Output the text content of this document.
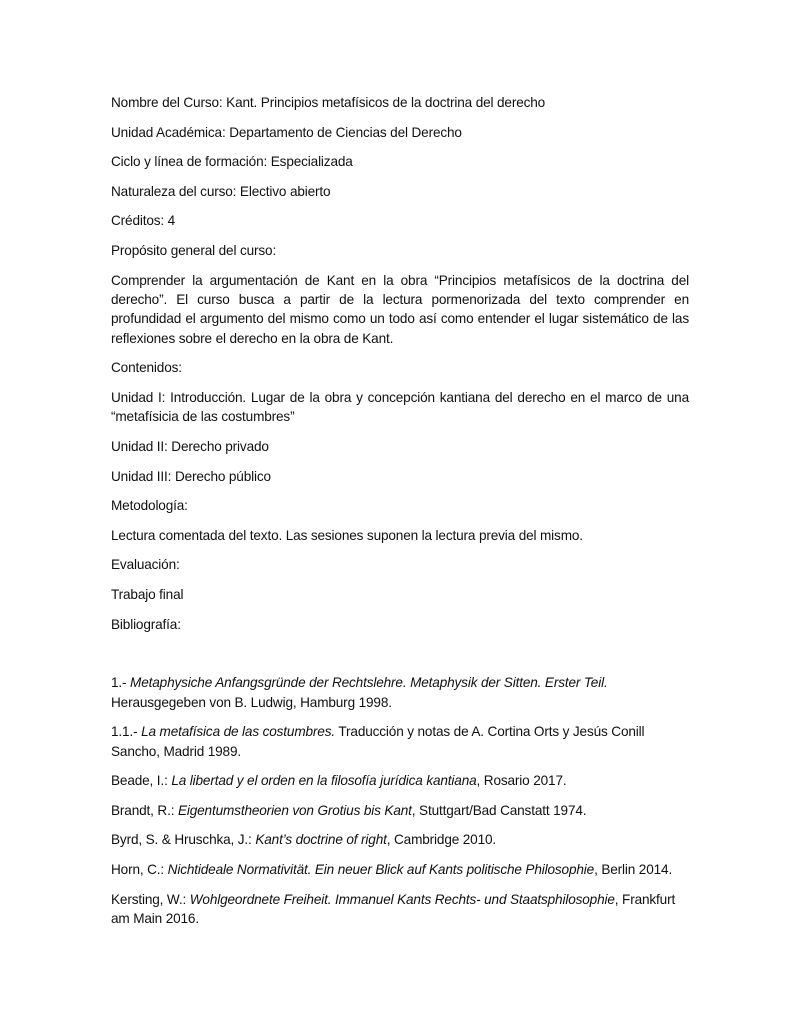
Nombre del Curso: Kant. Principios metafísicos de la doctrina del derecho

Unidad Académica: Departamento de Ciencias del Derecho

Ciclo y línea de formación: Especializada

Naturaleza del curso: Electivo abierto

Créditos: 4

Propósito general del curso:

Comprender la argumentación de Kant en la obra “Principios metafísicos de la doctrina del derecho”. El curso busca a partir de la lectura pormenorizada del texto comprender en profundidad el argumento del mismo como un todo así como entender el lugar sistemático de las reflexiones sobre el derecho en la obra de Kant.

Contenidos:

Unidad I: Introducción. Lugar de la obra y concepción kantiana del derecho en el marco de una “metafísicia de las costumbres”

Unidad II: Derecho privado

Unidad III: Derecho público

Metodología:

Lectura comentada del texto. Las sesiones suponen la lectura previa del mismo.

Evaluación:

Trabajo final

Bibliografía:

1.- Metaphysiche Anfangsgründe der Rechtslehre. Metaphysik der Sitten. Erster Teil. Herausgegeben von B. Ludwig, Hamburg 1998.

1.1.- La metafísica de las costumbres. Traducción y notas de A. Cortina Orts y Jesús Conill Sancho, Madrid 1989.

Beade, I.: La libertad y el orden en la filosofía jurídica kantiana, Rosario 2017.

Brandt, R.: Eigentumstheorien von Grotius bis Kant, Stuttgart/Bad Canstatt 1974.

Byrd, S. & Hruschka, J.: Kant’s doctrine of right, Cambridge 2010.

Horn, C.: Nichtideale Normativität. Ein neuer Blick auf Kants politische Philosophie, Berlin 2014.

Kersting, W.: Wohlgeordnete Freiheit. Immanuel Kants Rechts- und Staatsphilosophie, Frankfurt am Main 2016.
